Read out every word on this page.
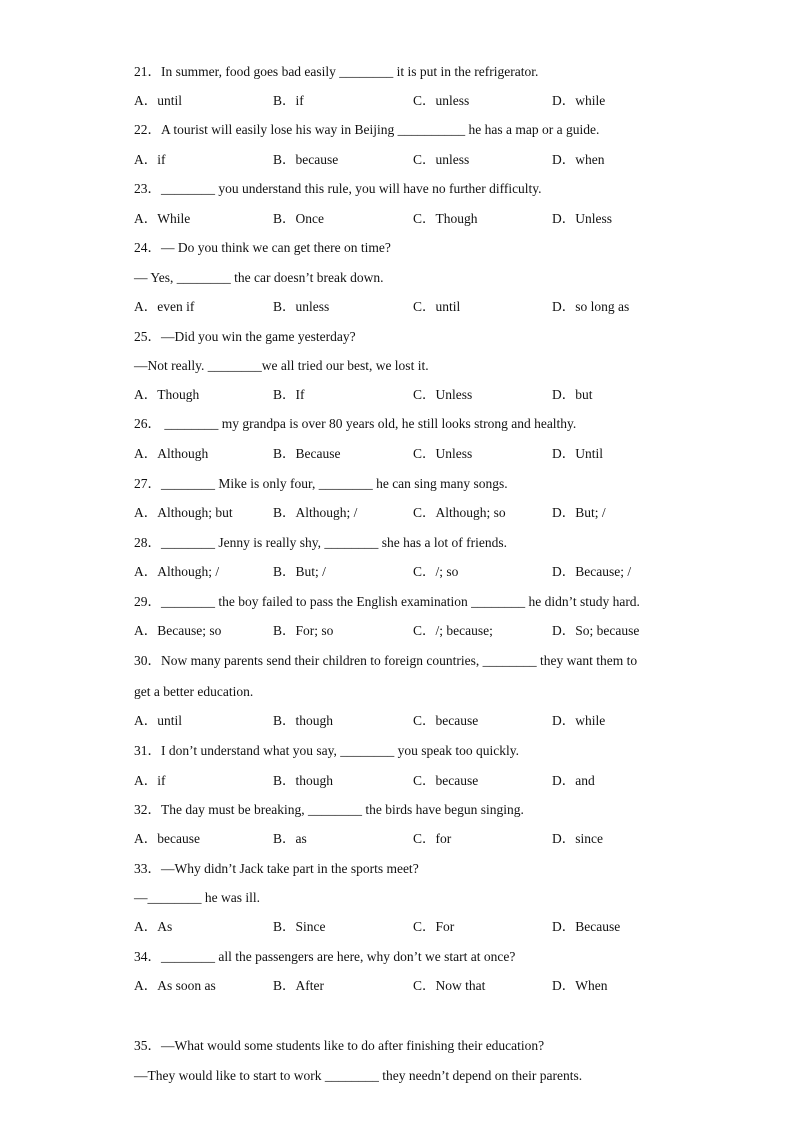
21．In summer, food goes bad easily ________ it is put in the refrigerator.
A．until	B．if	C．unless	D．while
22．A tourist will easily lose his way in Beijing __________ he has a map or a guide.
A．if	B．because	C．unless	D．when
23．________ you understand this rule, you will have no further difficulty.
A．While	B．Once	C．Though	D．Unless
24．— Do you think we can get there on time?
— Yes, ________ the car doesn’t break down.
A．even if	B．unless	C．until	D．so long as
25．—Did you win the game yesterday?
—Not really. ________we all tried our best, we lost it.
A．Though	B．If	C．Unless	D．but
26． ________ my grandpa is over 80 years old, he still looks strong and healthy.
A．Although	B．Because	C．Unless	D．Until
27．________ Mike is only four, ________ he can sing many songs.
A．Although; but	B．Although; /	C．Although; so	D．But; /
28．________ Jenny is really shy, ________ she has a lot of friends.
A．Although; /	B．But; /	C．/; so	D．Because; /
29．________ the boy failed to pass the English examination ________ he didn’t study hard.
A．Because; so	B．For; so	C．/; because;	D．So; because
30．Now many parents send their children to foreign countries, ________ they want them to
get a better education.
A．until	B．though	C．because	D．while
31．I don’t understand what you say, ________ you speak too quickly.
A．if	B．though	C．because	D．and
32．The day must be breaking, ________ the birds have begun singing.
A．because	B．as	C．for	D．since
33．—Why didn’t Jack take part in the sports meet?
—________ he was ill.
A．As	B．Since	C．For	D．Because
34．________ all the passengers are here, why don’t we start at once?
A．As soon as	B．After	C．Now that	D．When
35．—What would some students like to do after finishing their education?
—They would like to start to work ________ they needn’t depend on their parents.
